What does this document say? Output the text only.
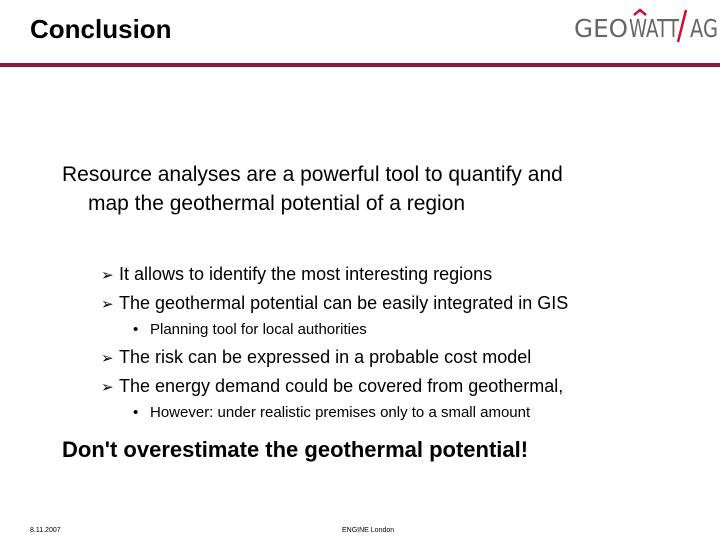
Conclusion	GEO WATT AG
Resource analyses are a powerful tool to quantify and
map the geothermal potential of a region
➢ It allows to identify the most interesting regions
➢ The geothermal potential can be easily integrated in GIS
• Planning tool for local authorities
➢ The risk can be expressed in a probable cost model
➢ The energy demand could be covered from geothermal,
• However: under realistic premises only to a small amount
Don't overestimate the geothermal potential!
8.11.2007	ENGINE London
